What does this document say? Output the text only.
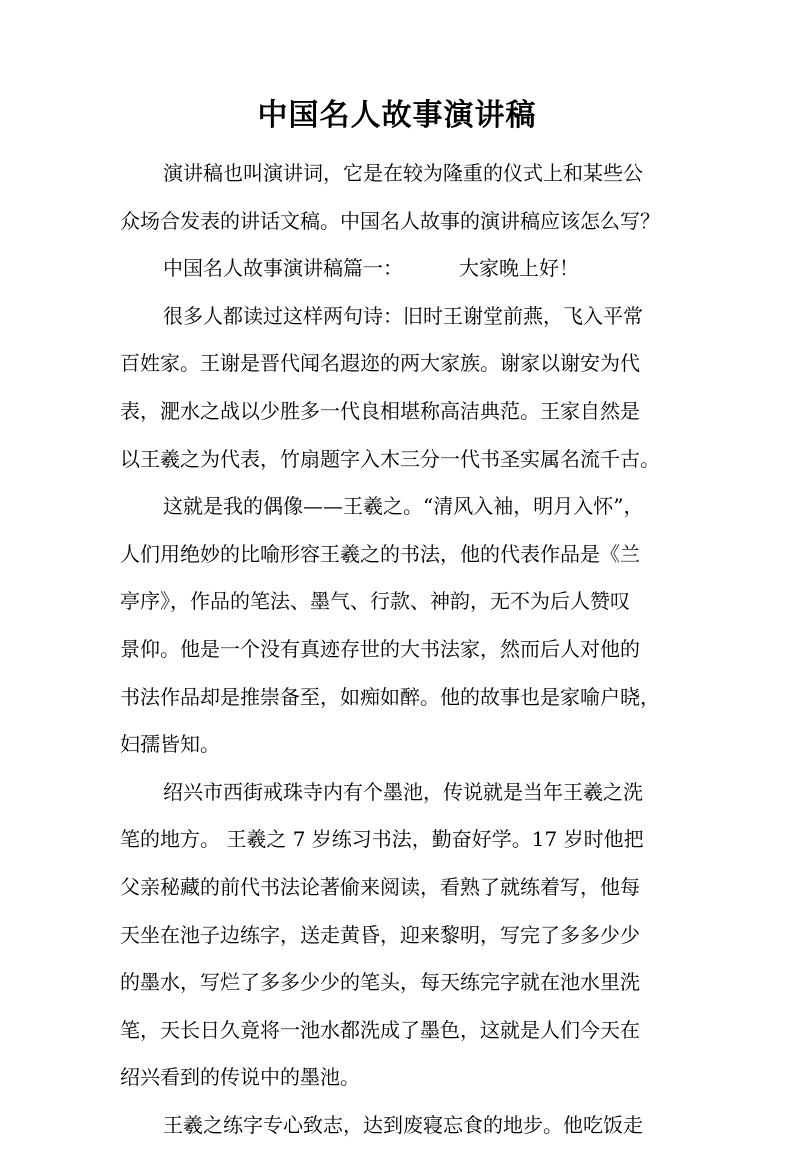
中国名人故事演讲稿
演讲稿也叫演讲词，它是在较为隆重的仪式上和某些公
众场合发表的讲话文稿。中国名人故事的演讲稿应该怎么写？
中国名人故事演讲稿篇一：	大家晚上好！
很多人都读过这样两句诗：旧时王谢堂前燕，飞入平常
百姓家。王谢是晋代闻名遐迩的两大家族。谢家以谢安为代
表，淝水之战以少胜多一代良相堪称高洁典范。王家自然是
以王羲之为代表，竹扇题字入木三分一代书圣实属名流千古。
这就是我的偶像——王羲之。“清风入袖，明月入怀”，
人们用绝妙的比喻形容王羲之的书法，他的代表作品是《兰
亭序》，作品的笔法、墨气、行款、神韵，无不为后人赞叹
景仰。他是一个没有真迹存世的大书法家，然而后人对他的
书法作品却是推崇备至，如痴如醉。他的故事也是家喻户晓，
妇孺皆知。
绍兴市西街戒珠寺内有个墨池，传说就是当年王羲之洗
笔的地方。 王羲之 7 岁练习书法，勤奋好学。17 岁时他把
父亲秘藏的前代书法论著偷来阅读，看熟了就练着写，他每
天坐在池子边练字，送走黄昏，迎来黎明，写完了多多少少
的墨水，写烂了多多少少的笔头，每天练完字就在池水里洗
笔，天长日久竟将一池水都洗成了墨色，这就是人们今天在
绍兴看到的传说中的墨池。
王羲之练字专心致志，达到废寝忘食的地步。他吃饭走
